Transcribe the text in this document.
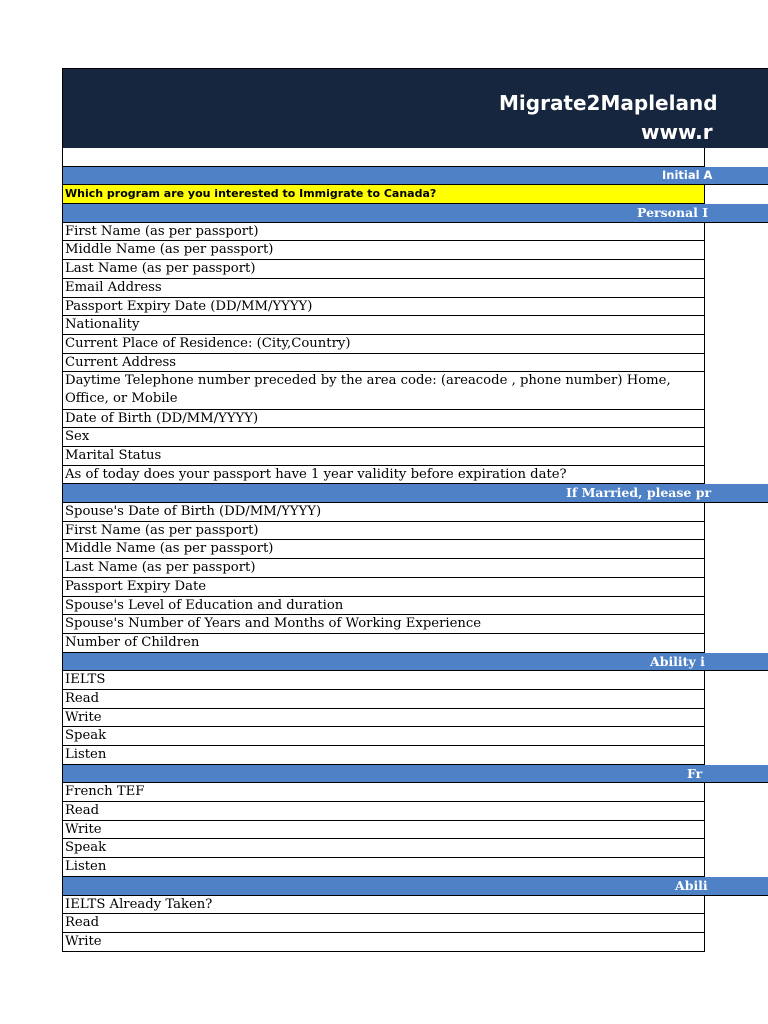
Migrate2Mapleland
www.r
Initial A
Which program are you interested to Immigrate to Canada?
Personal I
First Name (as per passport)
Middle Name (as per passport)
Last Name (as per passport)
Email Address
Passport Expiry Date (DD/MM/YYYY)
Nationality
Current Place of Residence: (City,Country)
Current Address
Daytime Telephone number preceded by the area code: (areacode , phone number) Home, Office, or Mobile
Date of Birth (DD/MM/YYYY)
Sex
Marital Status
As of today does your passport have 1 year validity before expiration date?
If Married, please pr
Spouse's Date of Birth (DD/MM/YYYY)
First Name (as per passport)
Middle Name (as per passport)
Last Name (as per passport)
Passport Expiry Date
Spouse's Level of Education and duration
Spouse's Number of Years and Months of Working Experience
Number of Children
Ability i
IELTS
Read
Write
Speak
Listen
Fr
French TEF
Read
Write
Speak
Listen
Abili
IELTS Already Taken?
Read
Write
